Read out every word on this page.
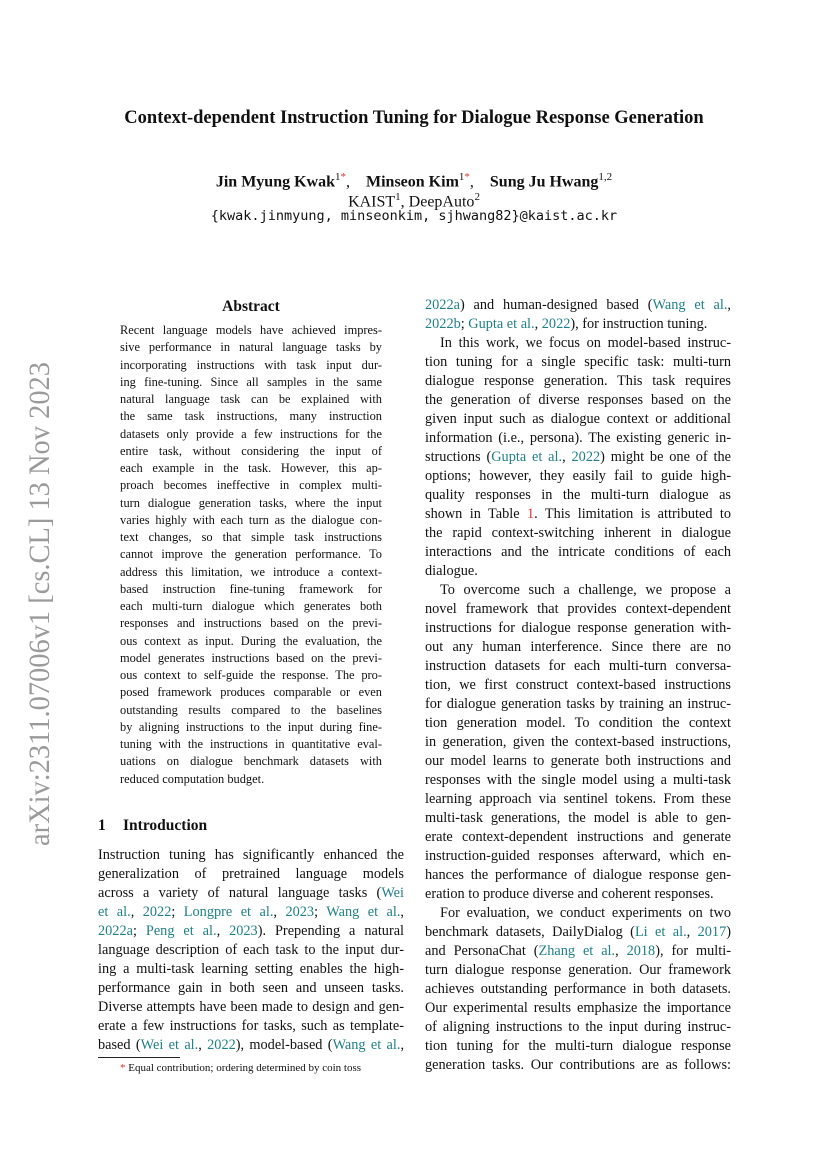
arXiv:2311.07006v1 [cs.CL] 13 Nov 2023
Context-dependent Instruction Tuning for Dialogue Response Generation
Jin Myung Kwak$^{1*}$, Minseon Kim$^{1*}$, Sung Ju Hwang$^{1,2}$
KAIST$^1$, DeepAuto$^2$
{kwak.jinmyung, minseonkim, sjhwang82}@kaist.ac.kr
Abstract
Recent language models have achieved impres-
sive performance in natural language tasks by
incorporating instructions with task input dur-
ing fine-tuning. Since all samples in the same
natural language task can be explained with
the same task instructions, many instruction
datasets only provide a few instructions for the
entire task, without considering the input of
each example in the task. However, this ap-
proach becomes ineffective in complex multi-
turn dialogue generation tasks, where the input
varies highly with each turn as the dialogue con-
text changes, so that simple task instructions
cannot improve the generation performance. To
address this limitation, we introduce a context-
based instruction fine-tuning framework for
each multi-turn dialogue which generates both
responses and instructions based on the previ-
ous context as input. During the evaluation, the
model generates instructions based on the previ-
ous context to self-guide the response. The pro-
posed framework produces comparable or even
outstanding results compared to the baselines
by aligning instructions to the input during fine-
tuning with the instructions in quantitative eval-
uations on dialogue benchmark datasets with
reduced computation budget.
1 Introduction
Instruction tuning has significantly enhanced the
generalization of pretrained language models
across a variety of natural language tasks (Wei
et al., 2022; Longpre et al., 2023; Wang et al.,
2022a; Peng et al., 2023). Prepending a natural
language description of each task to the input dur-
ing a multi-task learning setting enables the high-
performance gain in both seen and unseen tasks.
Diverse attempts have been made to design and gen-
erate a few instructions for tasks, such as template-
based (Wei et al., 2022), model-based (Wang et al.,
* Equal contribution; ordering determined by coin toss
2022a) and human-designed based (Wang et al.,
2022b; Gupta et al., 2022), for instruction tuning.
In this work, we focus on model-based instruc-
tion tuning for a single specific task: multi-turn
dialogue response generation. This task requires
the generation of diverse responses based on the
given input such as dialogue context or additional
information (i.e., persona). The existing generic in-
structions (Gupta et al., 2022) might be one of the
options; however, they easily fail to guide high-
quality responses in the multi-turn dialogue as
shown in Table 1. This limitation is attributed to
the rapid context-switching inherent in dialogue
interactions and the intricate conditions of each
dialogue.
To overcome such a challenge, we propose a
novel framework that provides context-dependent
instructions for dialogue response generation with-
out any human interference. Since there are no
instruction datasets for each multi-turn conversa-
tion, we first construct context-based instructions
for dialogue generation tasks by training an instruc-
tion generation model. To condition the context
in generation, given the context-based instructions,
our model learns to generate both instructions and
responses with the single model using a multi-task
learning approach via sentinel tokens. From these
multi-task generations, the model is able to gen-
erate context-dependent instructions and generate
instruction-guided responses afterward, which en-
hances the performance of dialogue response gen-
eration to produce diverse and coherent responses.
For evaluation, we conduct experiments on two
benchmark datasets, DailyDialog (Li et al., 2017)
and PersonaChat (Zhang et al., 2018), for multi-
turn dialogue response generation. Our framework
achieves outstanding performance in both datasets.
Our experimental results emphasize the importance
of aligning instructions to the input during instruc-
tion tuning for the multi-turn dialogue response
generation tasks. Our contributions are as follows:
